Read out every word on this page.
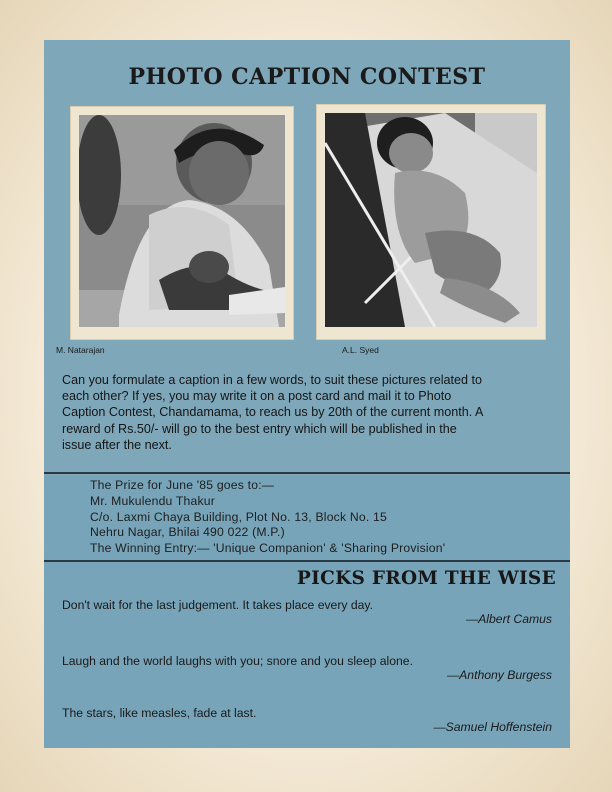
PHOTO CAPTION CONTEST
M. Natarajan	A.L. Syed
Can you formulate a caption in a few words, to suit these pictures related to
each other? If yes, you may write it on a post card and mail it to Photo
Caption Contest, Chandamama, to reach us by 20th of the current month. A
reward of Rs.50/- will go to the best entry which will be published in the
issue after the next.
The Prize for June '85 goes to:—
Mr. Mukulendu Thakur
C/o. Laxmi Chaya Building, Plot No. 13, Block No. 15
Nehru Nagar, Bhilai 490 022 (M.P.)
The Winning Entry:— 'Unique Companion' & 'Sharing Provision'
PICKS FROM THE WISE
Don't wait for the last judgement. It takes place every day.
—Albert Camus
Laugh and the world laughs with you; snore and you sleep alone.
—Anthony Burgess
The stars, like measles, fade at last.
—Samuel Hoffenstein
